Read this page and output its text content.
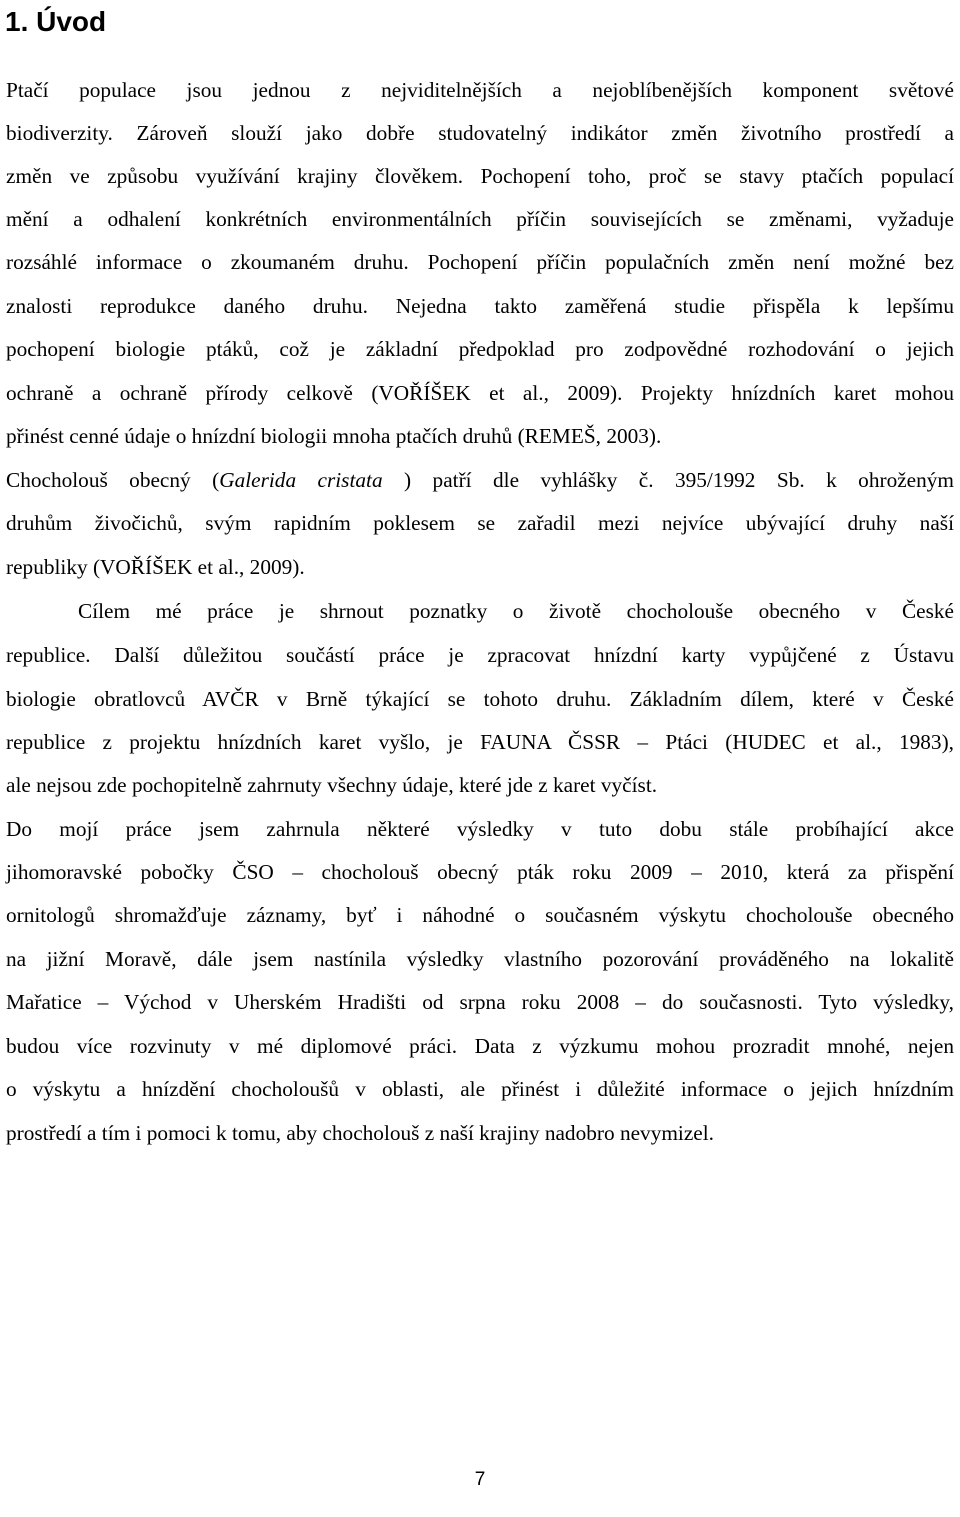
1. Úvod
Ptačí populace jsou jednou z nejviditelnějších a nejoblíbenějších komponent světové
biodiverzity. Zároveň slouží jako dobře studovatelný indikátor změn životního prostředí a
změn ve způsobu využívání krajiny člověkem. Pochopení toho, proč se stavy ptačích populací
mění a odhalení konkrétních environmentálních příčin souvisejících se změnami, vyžaduje
rozsáhlé informace o zkoumaném druhu. Pochopení příčin populačních změn není možné bez
znalosti reprodukce daného druhu. Nejedna takto zaměřená studie přispěla k lepšímu
pochopení biologie ptáků, což je základní předpoklad pro zodpovědné rozhodování o jejich
ochraně a ochraně přírody celkově (VOŘÍŠEK et al., 2009). Projekty hnízdních karet mohou
přinést cenné údaje o hnízdní biologii mnoha ptačích druhů (REMEŠ, 2003).
Chocholouš obecný (Galerida cristata ) patří dle vyhlášky č. 395/1992 Sb. k ohroženým
druhům živočichů, svým rapidním poklesem se zařadil mezi nejvíce ubývající druhy naší
republiky (VOŘÍŠEK et al., 2009).
Cílem mé práce je shrnout poznatky o životě chocholouše obecného v České
republice. Další důležitou součástí práce je zpracovat hnízdní karty vypůjčené z Ústavu
biologie obratlovců AVČR v Brně týkající se tohoto druhu. Základním dílem, které v České
republice z projektu hnízdních karet vyšlo, je FAUNA ČSSR – Ptáci (HUDEC et al., 1983),
ale nejsou zde pochopitelně zahrnuty všechny údaje, které jde z karet vyčíst.
Do mojí práce jsem zahrnula některé výsledky v tuto dobu stále probíhající akce
jihomoravské pobočky ČSO – chocholouš obecný pták roku 2009 – 2010, která za přispění
ornitologů shromažďuje záznamy, byť i náhodné o současném výskytu chocholouše obecného
na jižní Moravě, dále jsem nastínila výsledky vlastního pozorování prováděného na lokalitě
Mařatice – Východ v Uherském Hradišti od srpna roku 2008 – do současnosti. Tyto výsledky,
budou více rozvinuty v mé diplomové práci. Data z výzkumu mohou prozradit mnohé, nejen
o výskytu a hnízdění chocholoušů v oblasti, ale přinést i důležité informace o jejich hnízdním
prostředí a tím i pomoci k tomu, aby chocholouš z naší krajiny nadobro nevymizel.
7
